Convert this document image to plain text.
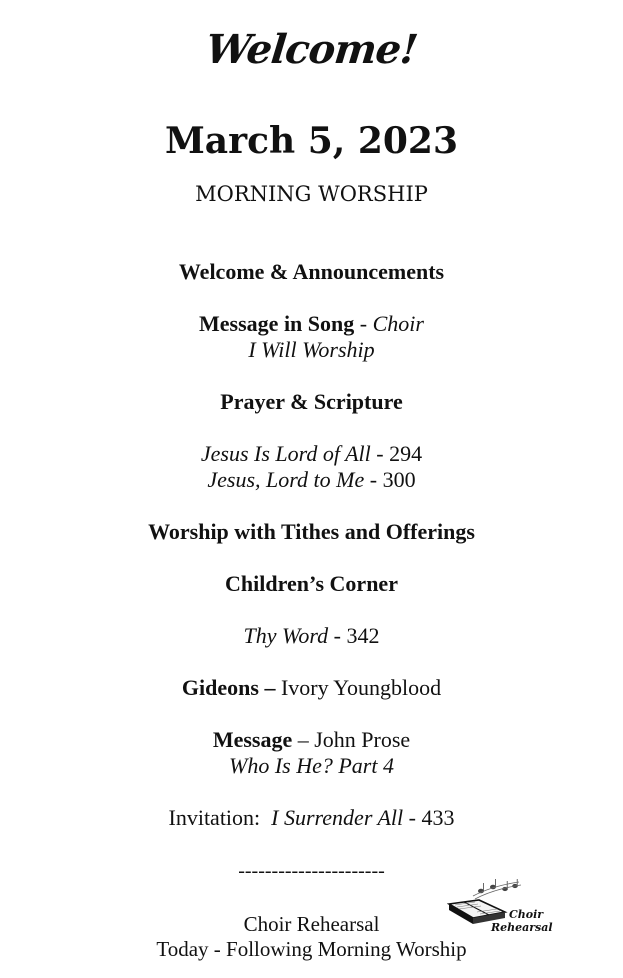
Welcome!
March 5, 2023
MORNING WORSHIP
Welcome & Announcements
Message in Song - Choir
I Will Worship
Prayer & Scripture
Jesus Is Lord of All - 294
Jesus, Lord to Me - 300
Worship with Tithes and Offerings
Children’s Corner
Thy Word - 342
Gideons – Ivory Youngblood
Message – John Prose
Who Is He? Part 4
Invitation:  I Surrender All - 433
----------------------
Choir Rehearsal
Today - Following Morning Worship
Choir
Rehearsal
